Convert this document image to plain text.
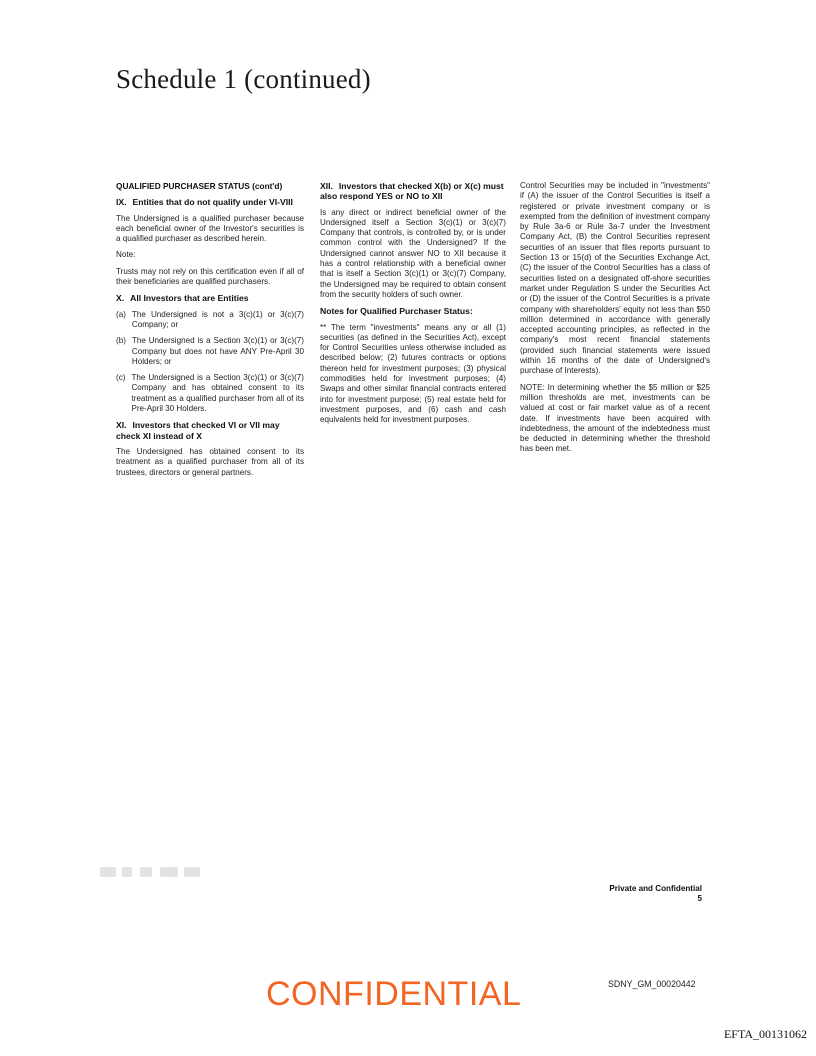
Schedule 1 (continued)
QUALIFIED PURCHASER STATUS (cont'd)
IX. Entities that do not qualify under VI-VIII

The Undersigned is a qualified purchaser because each beneficial owner of the Investor's securities is a qualified purchaser as described herein.

Note:

Trusts may not rely on this certification even if all of their beneficiaries are qualified purchasers.

X. All Investors that are Entities

(a) The Undersigned is not a 3(c)(1) or 3(c)(7) Company; or

(b) The Undersigned is a Section 3(c)(1) or 3(c)(7) Company but does not have ANY Pre-April 30 Holders; or

(c) The Undersigned is a Section 3(c)(1) or 3(c)(7) Company and has obtained consent to its treatment as a qualified purchaser from all of its Pre-April 30 Holders.

XI. Investors that checked VI or VII may check XI instead of X

The Undersigned has obtained consent to its treatment as a qualified purchaser from all of its trustees, directors or general partners.

XII. Investors that checked X(b) or X(c) must also respond YES or NO to XII

Is any direct or indirect beneficial owner of the Undersigned itself a Section 3(c)(1) or 3(c)(7) Company that controls, is controlled by, or is under common control with the Undersigned? If the Undersigned cannot answer NO to XII because it has a control relationship with a beneficial owner that is itself a Section 3(c)(1) or 3(c)(7) Company, the Undersigned may be required to obtain consent from the security holders of such owner.

Notes for Qualified Purchaser Status:

** The term "investments" means any or all (1) securities (as defined in the Securities Act), except for Control Securities unless otherwise included as described below; (2) futures contracts or options thereon held for investment purposes; (3) physical commodities held for investment purposes; (4) Swaps and other similar financial contracts entered into for investment purpose; (5) real estate held for investment purposes, and (6) cash and cash equivalents held for investment purposes.

Control Securities may be included in "investments" if (A) the issuer of the Control Securities is itself a registered or private investment company or is exempted from the definition of investment company by Rule 3a-6 or Rule 3a-7 under the Investment Company Act, (B) the Control Securities represent securities of an issuer that files reports pursuant to Section 13 or 15(d) of the Securities Exchange Act, (C) the issuer of the Control Securities has a class of securities listed on a designated off-shore securities market under Regulation S under the Securities Act or (D) the issuer of the Control Securities is a private company with shareholders' equity not less than $50 million determined in accordance with generally accepted accounting principles, as reflected in the company's most recent financial statements (provided such financial statements were issued within 16 months of the date of Undersigned's purchase of Interests).

NOTE: In determining whether the $5 million or $25 million thresholds are met, investments can be valued at cost or fair market value as of a recent date. If investments have been acquired with indebtedness, the amount of the indebtedness must be deducted in determining whether the threshold has been met.

Private and Confidential
5
CONFIDENTIAL	SDNY_GM_00020442
EFTA_00131062
